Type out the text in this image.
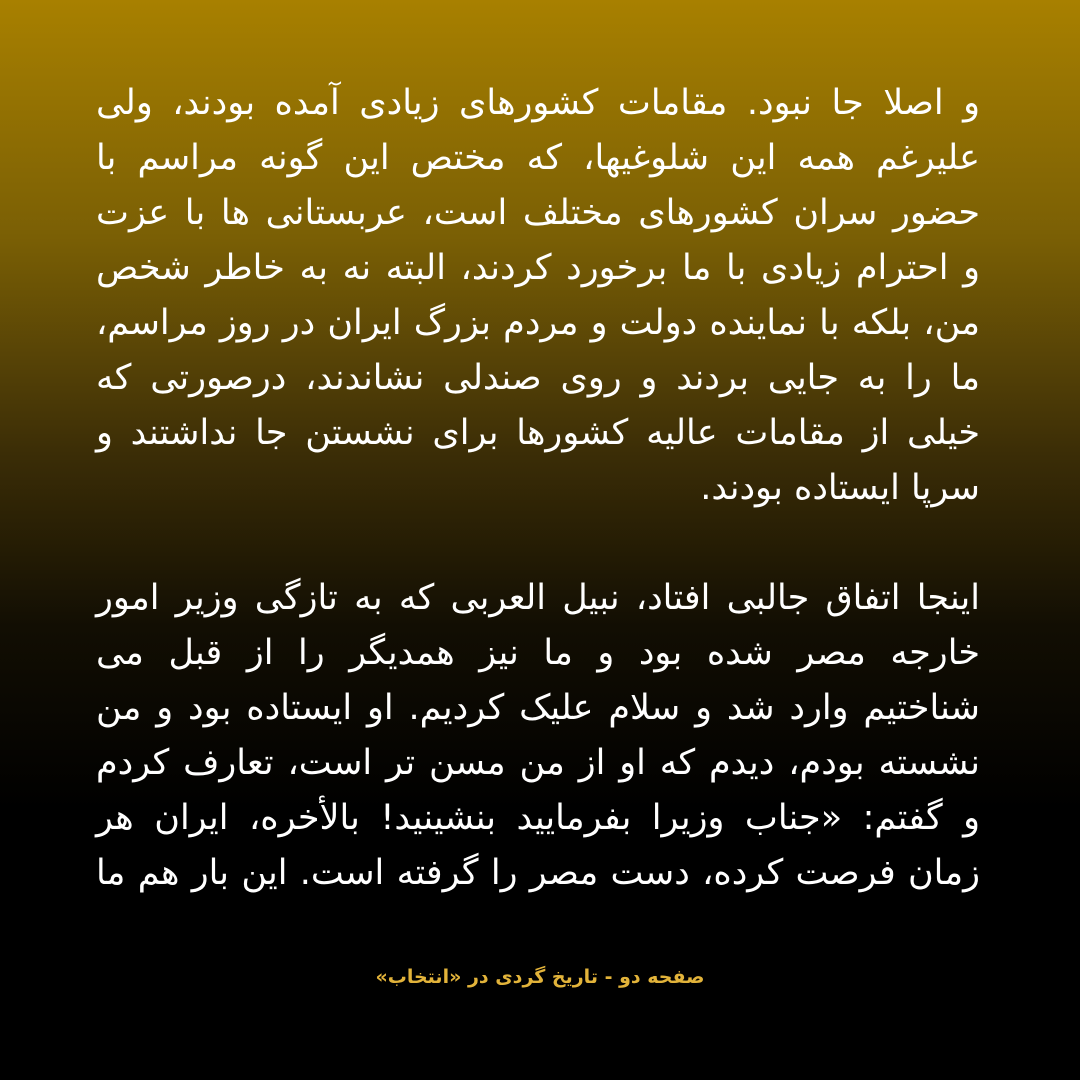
و اصلا جا نبود. مقامات کشورهای زیادی آمده بودند، ولی
علیرغم همه این شلوغیها، که مختص این گونه مراسم با
حضور سران کشورهای مختلف است، عربستانی ها با عزت
و احترام زیادی با ما برخورد کردند، البته نه به خاطر شخص
من، بلکه با نماینده دولت و مردم بزرگ ایران در روز مراسم،
ما را به جایی بردند و روی صندلی نشاندند، درصورتی که
خیلی از مقامات عالیه کشورها برای نشستن جا نداشتند و
سرپا ایستاده بودند.
اینجا اتفاق جالبی افتاد، نبیل العربی که به تازگی وزیر امور
خارجه مصر شده بود و ما نیز همدیگر را از قبل می
شناختیم وارد شد و سلام علیک کردیم. او ایستاده بود و من
نشسته بودم، دیدم که او از من مسن تر است، تعارف کردم
و گفتم: «جناب وزیرا بفرمایید بنشینید! بالأخره، ایران هر
زمان فرصت کرده، دست مصر را گرفته است. این بار هم ما
صفحه دو - تاریخ گردی در «انتخاب»
